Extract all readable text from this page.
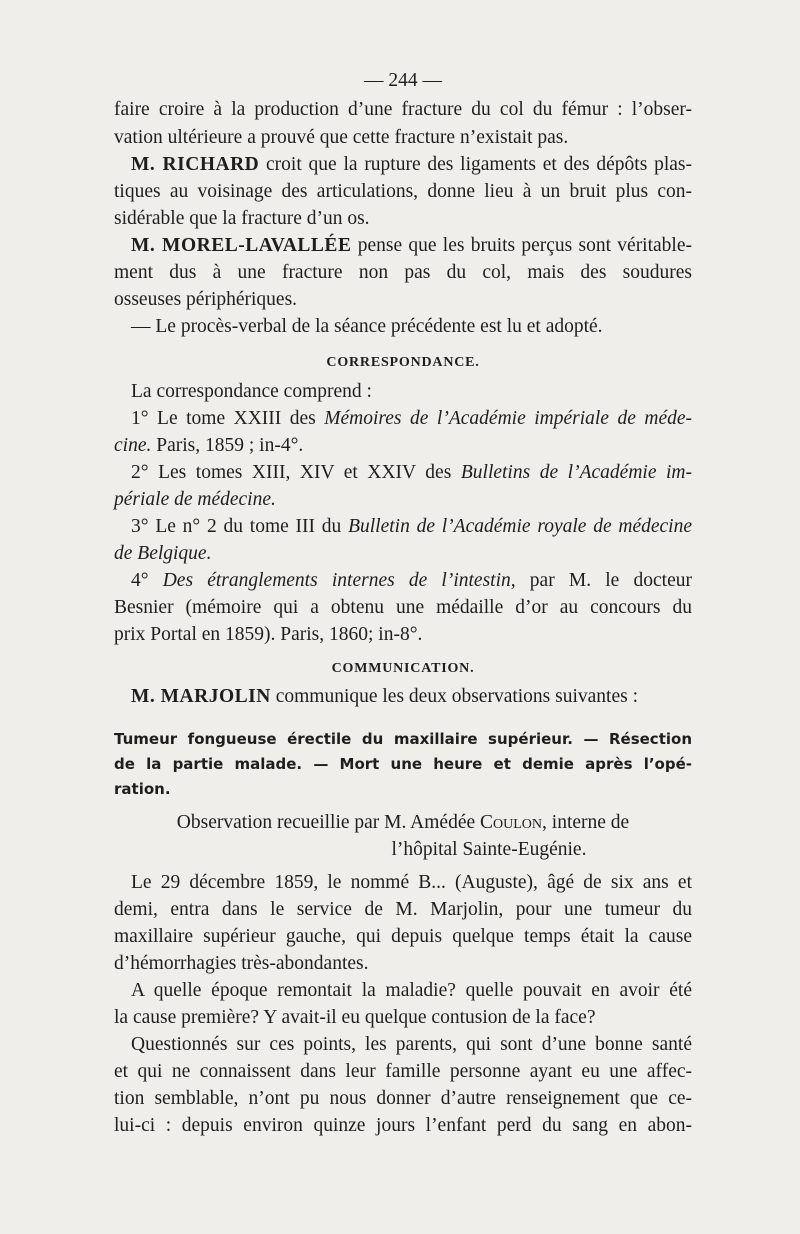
— 244 —
faire croire à la production d’une fracture du col du fémur : l’obser-
vation ultérieure a prouvé que cette fracture n’existait pas.
M. RICHARD croit que la rupture des ligaments et des dépôts plas-
tiques au voisinage des articulations, donne lieu à un bruit plus con-
sidérable que la fracture d’un os.
M. MOREL-LAVALLÉE pense que les bruits perçus sont véritable-
ment dus à une fracture non pas du col, mais des soudures
osseuses périphériques.
— Le procès-verbal de la séance précédente est lu et adopté.
CORRESPONDANCE.
La correspondance comprend :
1° Le tome XXIII des Mémoires de l’Académie impériale de méde-
cine. Paris, 1859 ; in-4°.
2° Les tomes XIII, XIV et XXIV des Bulletins de l’Académie im-
périale de médecine.
3° Le n° 2 du tome III du Bulletin de l’Académie royale de médecine
de Belgique.
4° Des étranglements internes de l’intestin, par M. le docteur
Besnier (mémoire qui a obtenu une médaille d’or au concours du
prix Portal en 1859). Paris, 1860; in-8°.
COMMUNICATION.
M. MARJOLIN communique les deux observations suivantes :
Tumeur fongueuse érectile du maxillaire supérieur. — Résection
de la partie malade. — Mort une heure et demie après l’opé-
ration.
Observation recueillie par M. Amédée Coulon, interne de
l’hôpital Sainte-Eugénie.
Le 29 décembre 1859, le nommé B... (Auguste), âgé de six ans et
demi, entra dans le service de M. Marjolin, pour une tumeur du
maxillaire supérieur gauche, qui depuis quelque temps était la cause
d’hémorrhagies très-abondantes.
A quelle époque remontait la maladie? quelle pouvait en avoir été
la cause première? Y avait-il eu quelque contusion de la face?
Questionnés sur ces points, les parents, qui sont d’une bonne santé
et qui ne connaissent dans leur famille personne ayant eu une affec-
tion semblable, n’ont pu nous donner d’autre renseignement que ce-
lui-ci : depuis environ quinze jours l’enfant perd du sang en abon-
